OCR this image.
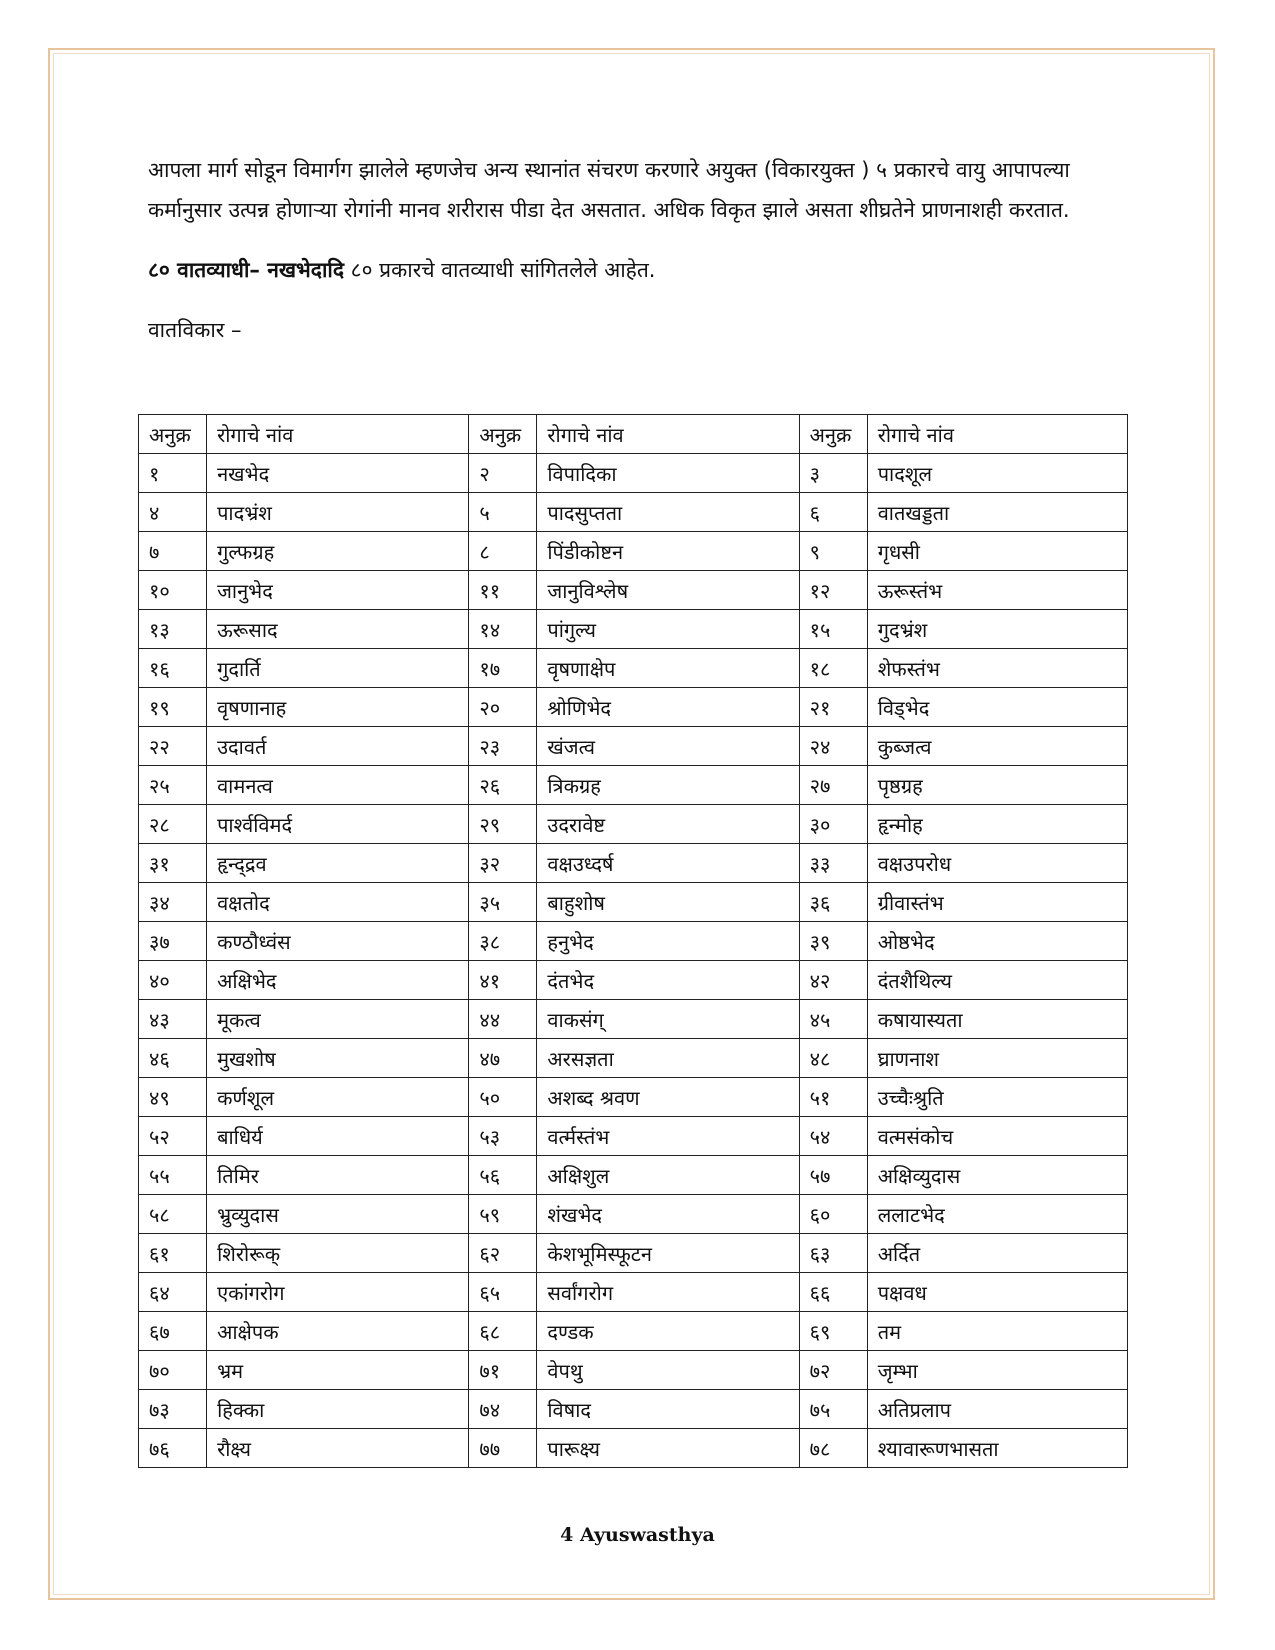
आपला मार्ग सोडून विमार्गग झालेले म्हणजेच अन्य स्थानांत संचरण करणारे अयुक्त (विकारयुक्त ) ५ प्रकारचे वायु आपापल्या कर्मानुसार उत्पन्न होणाऱ्या रोगांनी मानव शरीरास पीडा देत असतात. अधिक विकृत झाले असता शीघ्रतेने प्राणनाशही करतात.

८० वातव्याधी– नखभेदादि ८० प्रकारचे वातव्याधी सांगितलेले आहेत.
वातविकार –
अनुक्र	रोगाचे नांव	अनुक्र	रोगाचे नांव	अनुक्र	रोगाचे नांव
१	नखभेद	२	विपादिका	३	पादशूल
४	पादभ्रंश	५	पादसुप्तता	६	वातखड्डता
७	गुल्फग्रह	८	पिंडीकोष्टन	९	गृधसी
१०	जानुभेद	११	जानुविश्लेष	१२	ऊरूस्तंभ
१३	ऊरूसाद	१४	पांगुल्य	१५	गुदभ्रंश
१६	गुदार्ति	१७	वृषणाक्षेप	१८	शेफस्तंभ
१९	वृषणानाह	२०	श्रोणिभेद	२१	विड्भेद
२२	उदावर्त	२३	खंजत्व	२४	कुब्जत्व
२५	वामनत्व	२६	त्रिकग्रह	२७	पृष्ठग्रह
२८	पार्श्वविमर्द	२९	उदरावेष्ट	३०	हृन्मोह
३१	हृन्द्द्रव	३२	वक्षउध्दर्ष	३३	वक्षउपरोध
३४	वक्षतोद	३५	बाहुशोष	३६	ग्रीवास्तंभ
३७	कण्ठौध्वंस	३८	हनुभेद	३९	ओष्ठभेद
४०	अक्षिभेद	४१	दंतभेद	४२	दंतशैथिल्य
४३	मूकत्व	४४	वाकसंग्	४५	कषायास्यता
४६	मुखशोष	४७	अरसज्ञता	४८	घ्राणनाश
४९	कर्णशूल	५०	अशब्द श्रवण	५१	उच्चैःश्रुति
५२	बाधिर्य	५३	वर्त्मस्तंभ	५४	वत्मसंकोच
५५	तिमिर	५६	अक्षिशुल	५७	अक्षिव्युदास
५८	भ्रुव्युदास	५९	शंखभेद	६०	ललाटभेद
६१	शिरोरूक्	६२	केशभूमिस्फूटन	६३	अर्दित
६४	एकांगरोग	६५	सर्वांगरोग	६६	पक्षवध
६७	आक्षेपक	६८	दण्डक	६९	तम
७०	भ्रम	७१	वेपथु	७२	जृम्भा
७३	हिक्का	७४	विषाद	७५	अतिप्रलाप
७६	रौक्ष्य	७७	पारूक्ष्य	७८	श्यावारूणभासता
4 Ayuswasthya
